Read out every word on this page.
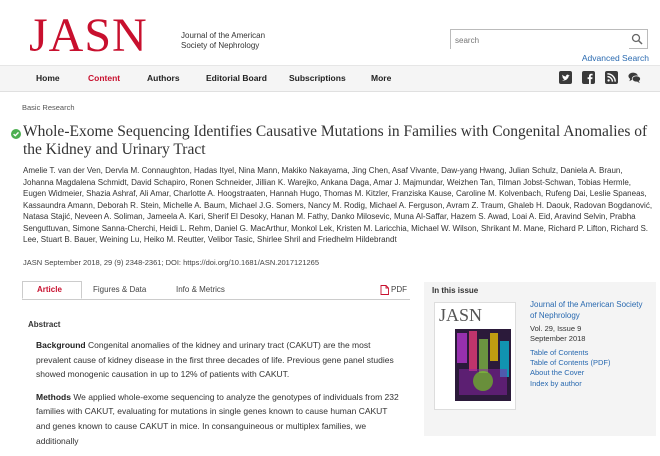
JASN	Journal of the American
Society of Nephrology
search
Advanced Search
Home	Content	Authors	Editorial Board	Subscriptions	More
Basic Research
Whole-Exome Sequencing Identifies Causative Mutations in Families with Congenital Anomalies of the Kidney and Urinary Tract
Amelie T. van der Ven, Dervla M. Connaughton, Hadas Ityel, Nina Mann, Makiko Nakayama, Jing Chen, Asaf Vivante, Daw-yang Hwang, Julian Schulz, Daniela A. Braun, Johanna Magdalena Schmidt, David Schapiro, Ronen Schneider, Jillian K. Warejko, Ankana Daga, Amar J. Majmundar, Weizhen Tan, Tilman Jobst-Schwan, Tobias Hermle, Eugen Widmeier, Shazia Ashraf, Ali Amar, Charlotte A. Hoogstraaten, Hannah Hugo, Thomas M. Kitzler, Franziska Kause, Caroline M. Kolvenbach, Rufeng Dai, Leslie Spaneas, Kassaundra Amann, Deborah R. Stein, Michelle A. Baum, Michael J.G. Somers, Nancy M. Rodig, Michael A. Ferguson, Avram Z. Traum, Ghaleb H. Daouk, Radovan Bogdanović, Natasa Stajić, Neveen A. Soliman, Jameela A. Kari, Sherif El Desoky, Hanan M. Fathy, Danko Milosevic, Muna Al-Saffar, Hazem S. Awad, Loai A. Eid, Aravind Selvin, Prabha Senguttuvan, Simone Sanna-Cherchi, Heidi L. Rehm, Daniel G. MacArthur, Monkol Lek, Kristen M. Laricchia, Michael W. Wilson, Shrikant M. Mane, Richard P. Lifton, Richard S. Lee, Stuart B. Bauer, Weining Lu, Heiko M. Reutter, Velibor Tasic, Shirlee Shril and Friedhelm Hildebrandt
JASN September 2018, 29 (9) 2348-2361; DOI: https://doi.org/10.1681/ASN.2017121265
Article	Figures & Data	Info & Metrics	PDF
Abstract

Background Congenital anomalies of the kidney and urinary tract (CAKUT) are the most prevalent cause of kidney disease in the first three decades of life. Previous gene panel studies showed monogenic causation in up to 12% of patients with CAKUT.

Methods We applied whole-exome sequencing to analyze the genotypes of individuals from 232 families with CAKUT, evaluating for mutations in single genes known to cause human CAKUT and genes known to cause CAKUT in mice. In consanguineous or multiplex families, we additionally

In this issue
JASN
Journal of the American Society of Nephrology
Vol. 29, Issue 9
September 2018
Table of Contents
Table of Contents (PDF)
About the Cover
Index by author
